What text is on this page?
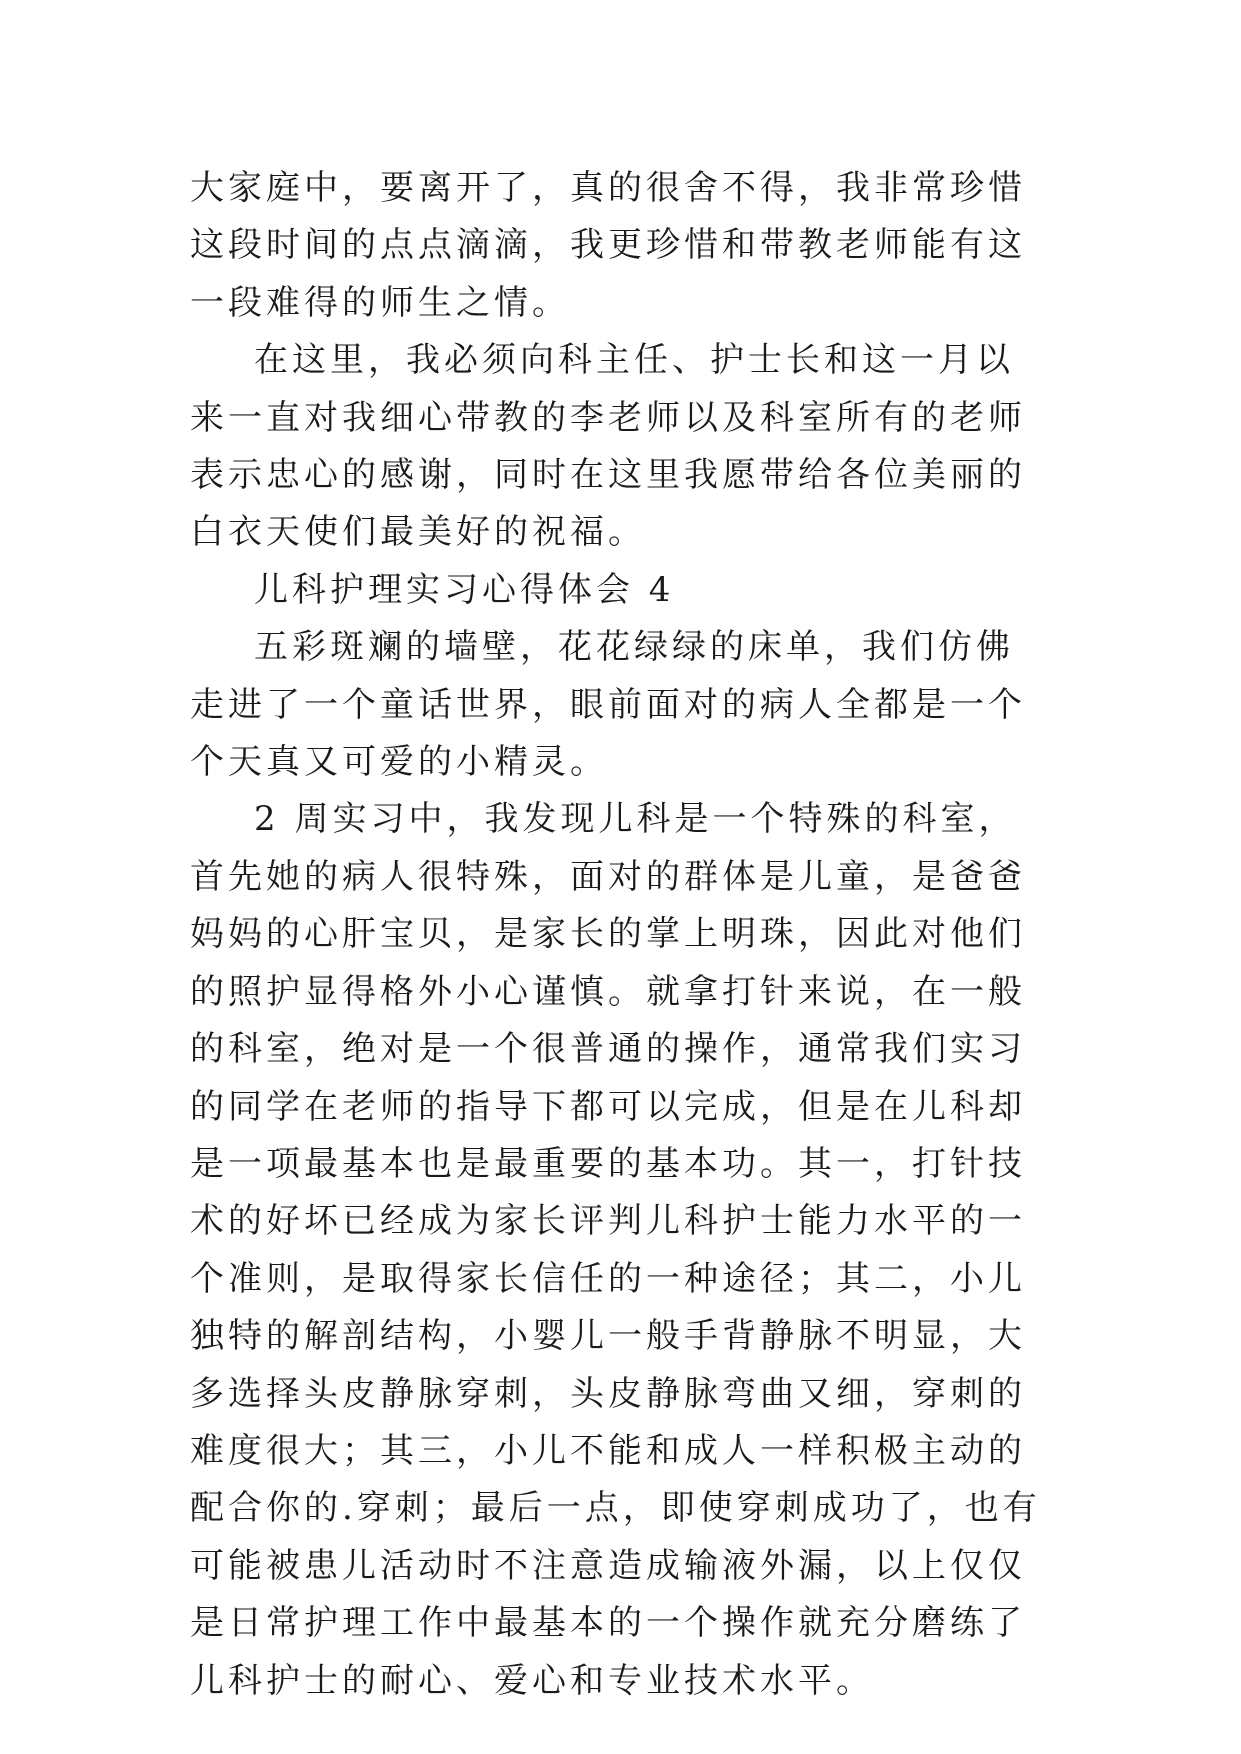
大家庭中，要离开了，真的很舍不得，我非常珍惜这段时间的点点滴滴，我更珍惜和带教老师能有这一段难得的师生之情。

在这里，我必须向科主任、护士长和这一月以来一直对我细心带教的李老师以及科室所有的老师表示忠心的感谢，同时在这里我愿带给各位美丽的白衣天使们最美好的祝福。

儿科护理实习心得体会 4

五彩斑斓的墙壁，花花绿绿的床单，我们仿佛走进了一个童话世界，眼前面对的病人全都是一个个天真又可爱的小精灵。

2 周实习中，我发现儿科是一个特殊的科室，首先她的病人很特殊，面对的群体是儿童，是爸爸妈妈的心肝宝贝，是家长的掌上明珠，因此对他们的照护显得格外小心谨慎。就拿打针来说，在一般的科室，绝对是一个很普通的操作，通常我们实习的同学在老师的指导下都可以完成，但是在儿科却是一项最基本也是最重要的基本功。其一，打针技术的好坏已经成为家长评判儿科护士能力水平的一个准则，是取得家长信任的一种途径；其二，小儿独特的解剖结构，小婴儿一般手背静脉不明显，大多选择头皮静脉穿刺，头皮静脉弯曲又细，穿刺的难度很大；其三，小儿不能和成人一样积极主动的配合你的.穿刺；最后一点，即使穿刺成功了，也有可能被患儿活动时不注意造成输液外漏，以上仅仅是日常护理工作中最基本的一个操作就充分磨练了儿科护士的耐心、爱心和专业技术水平。
